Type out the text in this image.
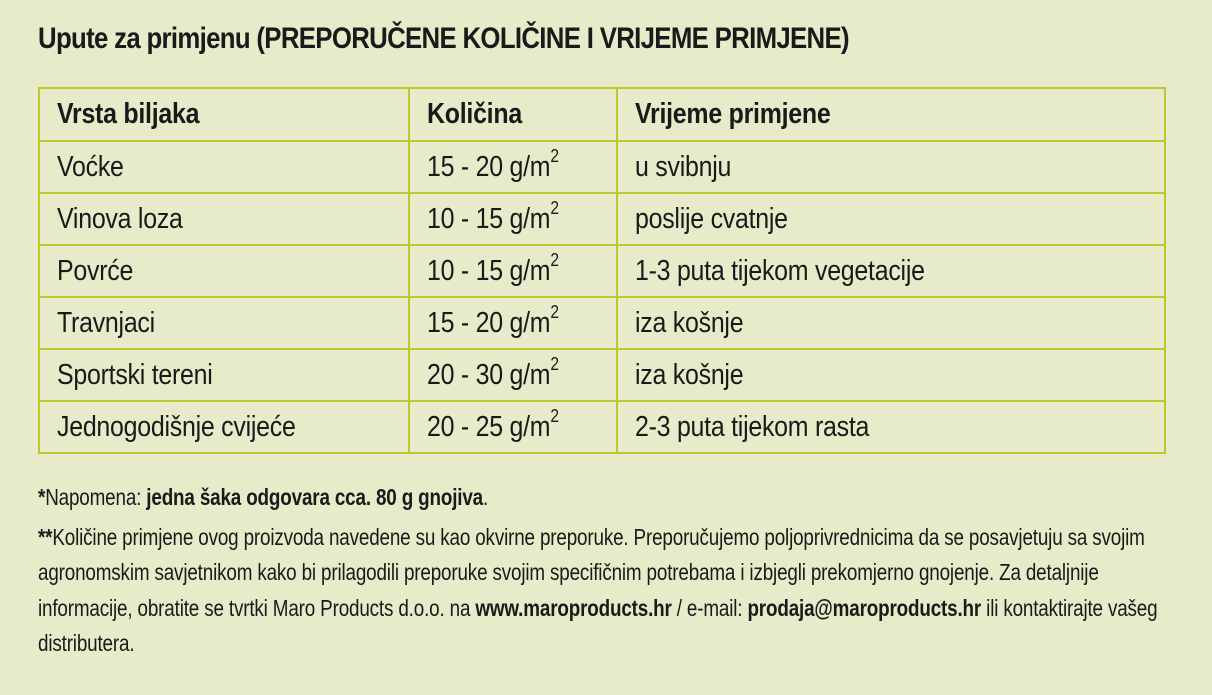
Upute za primjenu (PREPORUČENE KOLIČINE I VRIJEME PRIMJENE)
Vrsta biljaka	Količina	Vrijeme primjene
Voćke	15 - 20 $g/m^2$	u svibnju
Vinova loza	10 - 15 $g/m^2$	poslije cvatnje
Povrće	10 - 15 $g/m^2$	1-3 puta tijekom vegetacije
Travnjaci	15 - 20 $g/m^2$	iza košnje
Sportski tereni	20 - 30 $g/m^2$	iza košnje
Jednogodišnje cvijeće	20 - 25 $g/m^2$	2-3 puta tijekom rasta

*Napomena: jedna šaka odgovara cca. 80 g gnojiva.

**Količine primjene ovog proizvoda navedene su kao okvirne preporuke. Preporučujemo poljoprivrednicima da se posavjetuju sa svojim agronomskim savjetnikom kako bi prilagodili preporuke svojim specifičnim potrebama i izbjegli prekomjerno gnojenje. Za detaljnije informacije, obratite se tvrtki Maro Products d.o.o. na www.maroproducts.hr / e-mail: prodaja@maroproducts.hr ili kontaktirajte vašeg distributera.
